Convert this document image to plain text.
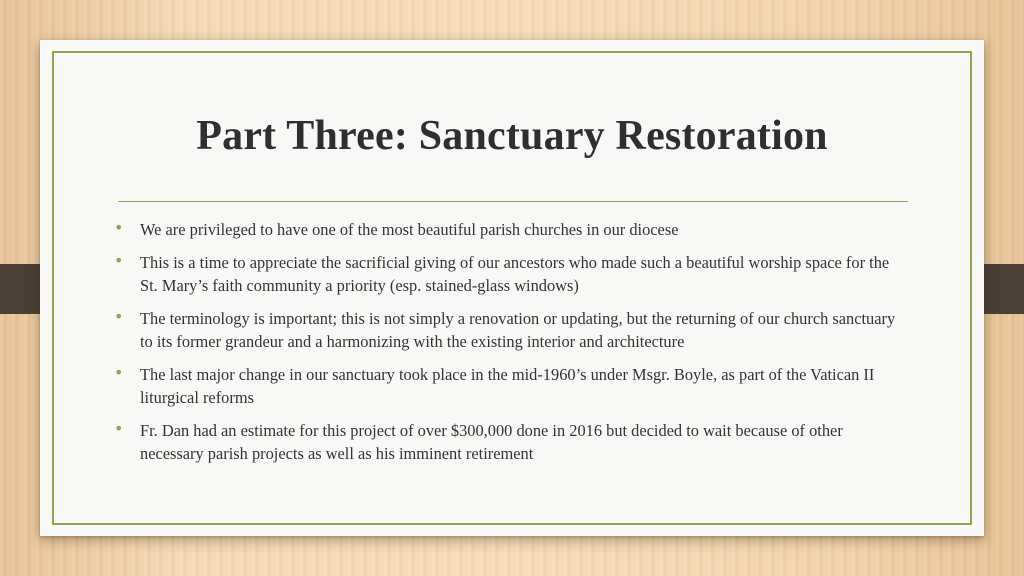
Part Three: Sanctuary Restoration
• We are privileged to have one of the most beautiful parish churches in our diocese
• This is a time to appreciate the sacrificial giving of our ancestors who made such a beautiful worship space for the St. Mary’s faith community a priority (esp. stained-glass windows)
• The terminology is important; this is not simply a renovation or updating, but the returning of our church sanctuary to its former grandeur and a harmonizing with the existing interior and architecture
• The last major change in our sanctuary took place in the mid-1960’s under Msgr. Boyle, as part of the Vatican II liturgical reforms
• Fr. Dan had an estimate for this project of over $300,000 done in 2016 but decided to wait because of other necessary parish projects as well as his imminent retirement
